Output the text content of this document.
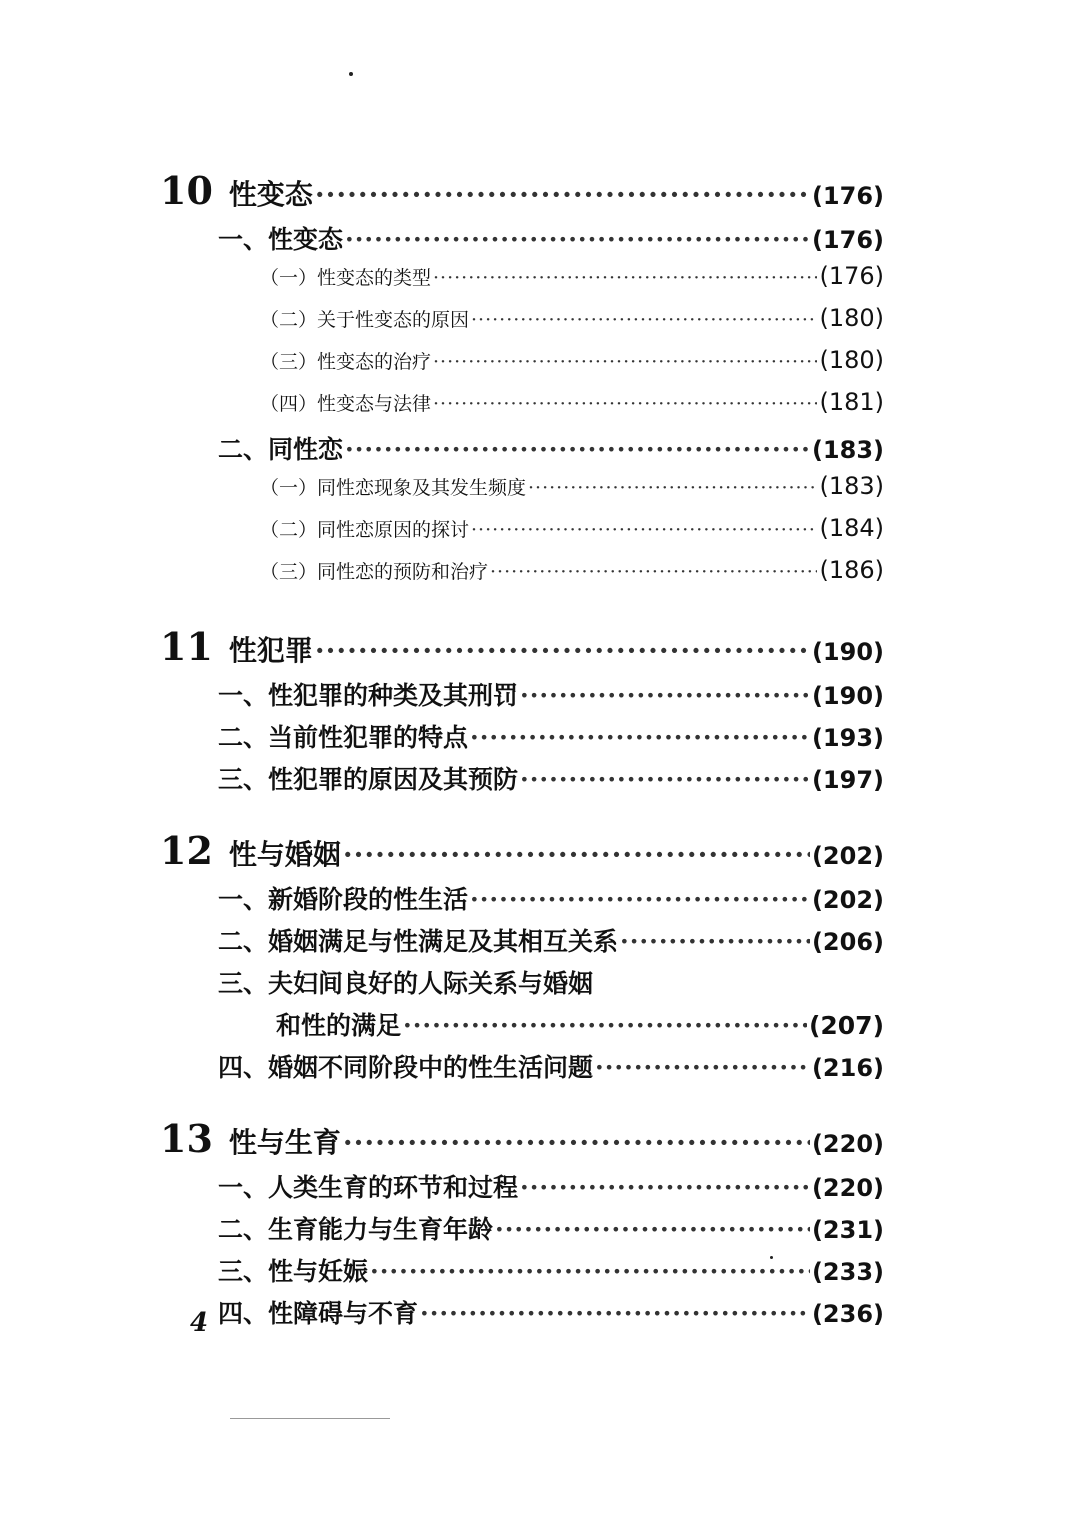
10 性变态 ·····	(176)
一、性变态 ·····	(176)
（一）性变态的类型 ·····	(176)
（二）关于性变态的原因 ·····	(180)
（三）性变态的治疗 ·····	(180)
（四）性变态与法律 ·····	(181)
二、同性恋 ·····	(183)
（一）同性恋现象及其发生频度 ·····	(183)
（二）同性恋原因的探讨 ·····	(184)
（三）同性恋的预防和治疗 ·····	(186)
11 性犯罪 ·····	(190)
一、性犯罪的种类及其刑罚 ·····	(190)
二、当前性犯罪的特点 ·····	(193)
三、性犯罪的原因及其预防 ·····	(197)
12 性与婚姻 ·····	(202)
一、新婚阶段的性生活 ·····	(202)
二、婚姻满足与性满足及其相互关系 ·····	(206)
三、夫妇间良好的人际关系与婚姻
和性的满足 ·····	(207)
四、婚姻不同阶段中的性生活问题 ·····	(216)
13 性与生育 ·····	(220)
一、人类生育的环节和过程 ·····	(220)
二、生育能力与生育年龄 ·····	(231)
三、性与妊娠 ·····	(233)
四、性障碍与不育 ·····	(236)
4
